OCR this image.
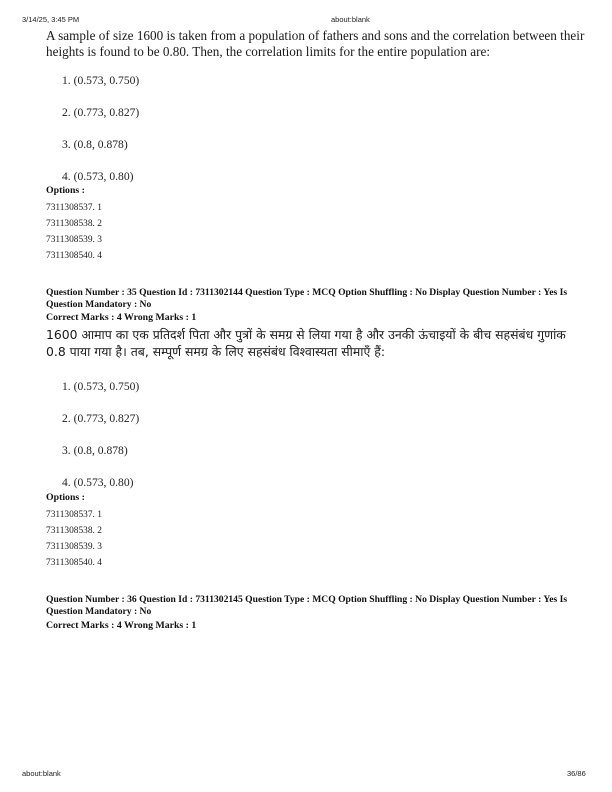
3/14/25, 3:45 PM	about:blank
A sample of size 1600 is taken from a population of fathers and sons and the correlation between their heights is found to be 0.80. Then, the correlation limits for the entire population are:
1. (0.573, 0.750)
2. (0.773, 0.827)
3. (0.8, 0.878)
4. (0.573, 0.80)
Options :
7311308537. 1
7311308538. 2
7311308539. 3
7311308540. 4
Question Number : 35 Question Id : 7311302144 Question Type : MCQ Option Shuffling : No Display Question Number : Yes Is Question Mandatory : No
Correct Marks : 4 Wrong Marks : 1
1600 आमाप का एक प्रतिदर्श पिता और पुत्रों के समग्र से लिया गया है और उनकी ऊंचाइयों के बीच सहसंबंध गुणांक 0.8 पाया गया है। तब, सम्पूर्ण समग्र के लिए सहसंबंध विश्वास्यता सीमाएँ हैं:
1. (0.573, 0.750)
2. (0.773, 0.827)
3. (0.8, 0.878)
4. (0.573, 0.80)
Options :
7311308537. 1
7311308538. 2
7311308539. 3
7311308540. 4
Question Number : 36 Question Id : 7311302145 Question Type : MCQ Option Shuffling : No Display Question Number : Yes Is Question Mandatory : No
Correct Marks : 4 Wrong Marks : 1
about:blank	36/86
